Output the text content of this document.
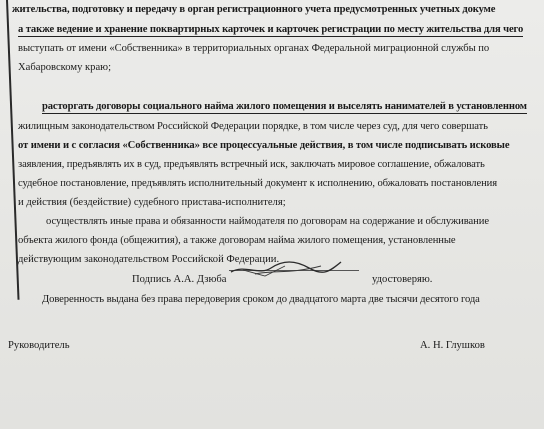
жительства, подготовку и передачу в орган регистрационного учета предусмотренных учетных докуме
а также ведение и хранение поквартирных карточек и карточек регистрации по месту жительства для чего
выступать от имени «Собственника» в территориальных органах Федеральной миграционной службы по
Хабаровскому краю;
расторгать договоры социального найма жилого помещения и выселять нанимателей в установленном
жилищным законодательством Российской Федерации порядке, в том числе через суд, для чего совершать
от имени и с согласия «Собственника» все процессуальные действия, в том числе подписывать исковые
заявления, предъявлять их в суд, предъявлять встречный иск, заключать мировое соглашение, обжаловать
судебное постановление, предъявлять исполнительный документ к исполнению, обжаловать постановления
и действия (бездействие) судебного пристава-исполнителя;
осуществлять иные права и обязанности наймодателя по договорам на содержание и обслуживание
объекта жилого фонда (общежития), а также договорам найма жилого помещения, установленные
действующим законодательством Российской Федерации.
Подпись А.А. Дзюба	удостоверяю.
Доверенность выдана без права передоверия сроком до двадцатого марта две тысячи десятого года
Руководитель	А. Н. Глушков
